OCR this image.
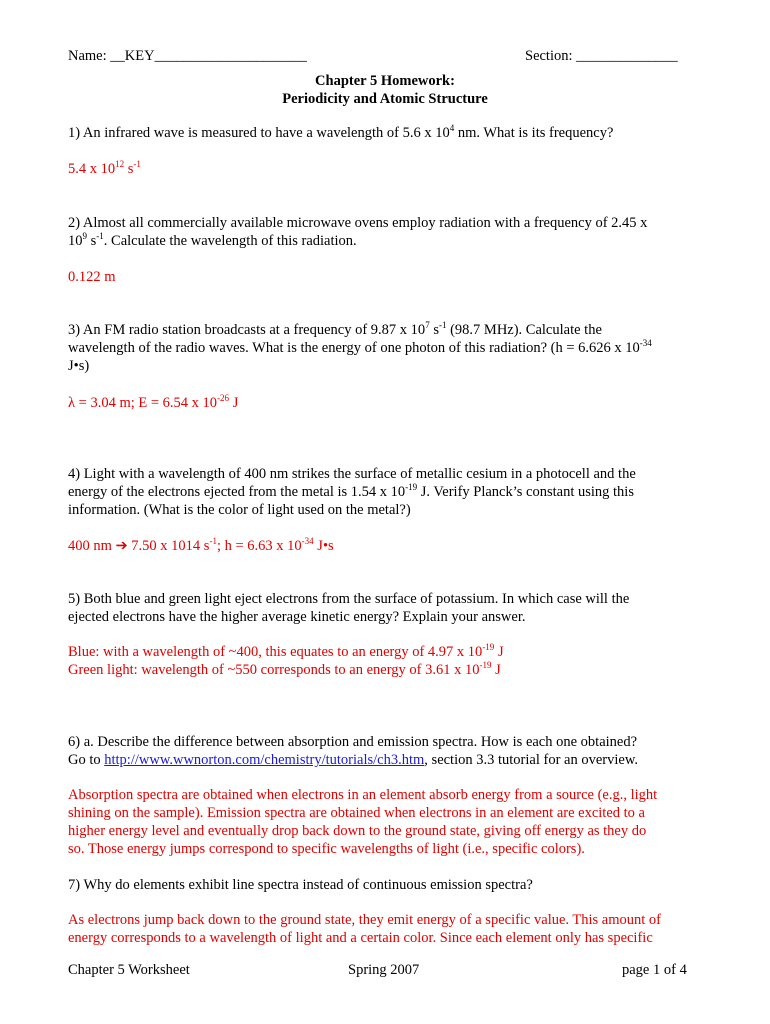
Name: __KEY_____________________	Section: ______________
Chapter 5 Homework:
Periodicity and Atomic Structure
1) An infrared wave is measured to have a wavelength of 5.6 x $10^4$ nm. What is its frequency?
5.4 x $10^{12}$ $s^{-1}$
2) Almost all commercially available microwave ovens employ radiation with a frequency of 2.45 x
$10^9$ $s^{-1}$. Calculate the wavelength of this radiation.
0.122 m
3) An FM radio station broadcasts at a frequency of 9.87 x $10^7$ $s^{-1}$ (98.7 MHz). Calculate the
wavelength of the radio waves. What is the energy of one photon of this radiation? (h = 6.626 x $10^{-34}$
J•s)
λ = 3.04 m; E = 6.54 x $10^{-26}$ J
4) Light with a wavelength of 400 nm strikes the surface of metallic cesium in a photocell and the
energy of the electrons ejected from the metal is 1.54 x $10^{-19}$ J. Verify Planck’s constant using this
information. (What is the color of light used on the metal?)
400 nm ➔ 7.50 x 1014 $s^{-1}$; h = 6.63 x $10^{-34}$ J•s
5) Both blue and green light eject electrons from the surface of potassium. In which case will the
ejected electrons have the higher average kinetic energy? Explain your answer.
Blue: with a wavelength of ~400, this equates to an energy of 4.97 x $10^{-19}$ J
Green light: wavelength of ~550 corresponds to an energy of 3.61 x $10^{-19}$ J
6) a. Describe the difference between absorption and emission spectra. How is each one obtained?
Go to http://www.wwnorton.com/chemistry/tutorials/ch3.htm, section 3.3 tutorial for an overview.
Absorption spectra are obtained when electrons in an element absorb energy from a source (e.g., light
shining on the sample). Emission spectra are obtained when electrons in an element are excited to a
higher energy level and eventually drop back down to the ground state, giving off energy as they do
so. Those energy jumps correspond to specific wavelengths of light (i.e., specific colors).
7) Why do elements exhibit line spectra instead of continuous emission spectra?
As electrons jump back down to the ground state, they emit energy of a specific value. This amount of
energy corresponds to a wavelength of light and a certain color. Since each element only has specific
Chapter 5 Worksheet	Spring 2007	page 1 of 4
